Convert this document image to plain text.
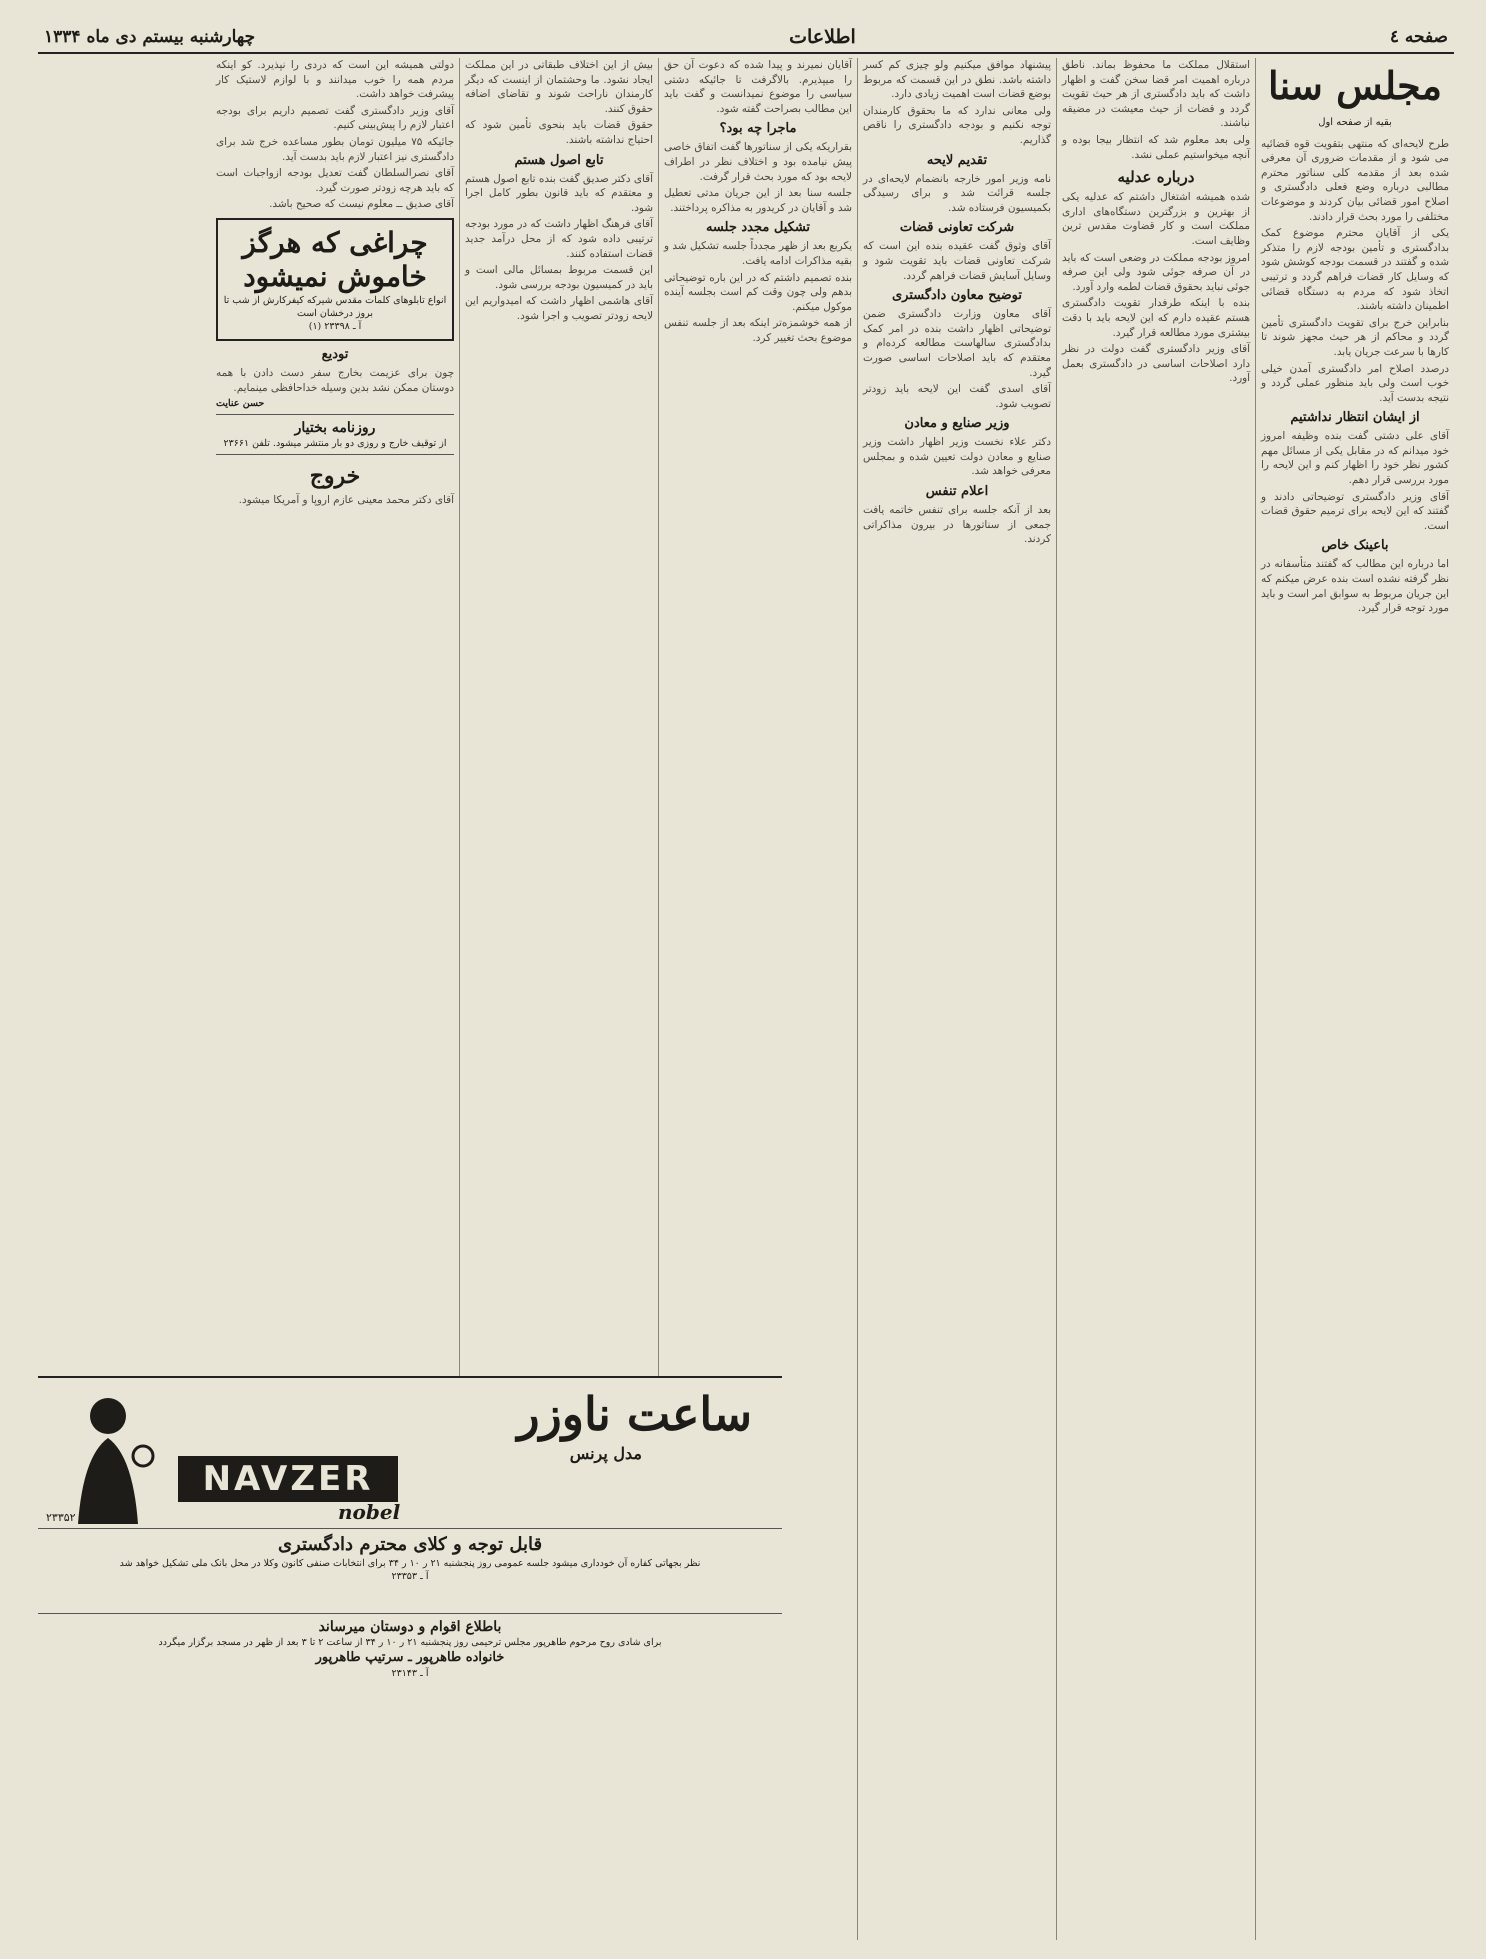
صفحه ٤
اطلاعات
چهارشنبه بیستم دی ماه ۱۳۳۴
مجلس سنا
بقیه از صفحه اول

طرح لایحه‌ای که منتهی بتقویت قوه قضائیه می شود و از مقدمات ضروری آن معرفی شده بعد از مقدمه کلی سناتور محترم مطالبی درباره وضع فعلی دادگستری و اصلاح امور قضائی بیان کردند و موضوعات مختلفی را مورد بحث قرار دادند.

یکی از آقایان محترم موضوع کمک بدادگستری و تأمین بودجه لازم را متذکر شده و گفتند در قسمت بودجه کوشش شود که وسایل کار قضات فراهم گردد و ترتیبی اتخاذ شود که مردم به دستگاه قضائی اطمینان داشته باشند.

بنابراین خرج برای تقویت دادگستری تأمین گردد و محاکم از هر حیث مجهز شوند تا کارها با سرعت جریان یابد.

درصدد اصلاح امر دادگستری آمدن خیلی خوب است ولی باید منظور عملی گردد و نتیجه بدست آید.

از ایشان انتظار نداشتیم

آقای علی دشتی گفت بنده وظیفه امروز خود میدانم که در مقابل یکی از مسائل مهم کشور نظر خود را اظهار کنم و این لایحه را مورد بررسی قرار دهم.

آقای وزیر دادگستری توضیحاتی دادند و گفتند که این لایحه برای ترمیم حقوق قضات است.

باعینک خاص

اما درباره این مطالب که گفتند متأسفانه در نظر گرفته نشده است بنده عرض میکنم که این جریان مربوط به سوابق امر است و باید مورد توجه قرار گیرد.

استقلال مملکت ما محفوظ بماند. ناطق درباره اهمیت امر قضا سخن گفت و اظهار داشت که باید دادگستری از هر حیث تقویت گردد و قضات از حیث معیشت در مضیقه نباشند.

ولی بعد معلوم شد که انتظار بیجا بوده و آنچه میخواستیم عملی نشد.

درباره عدلیه

شده همیشه اشتغال داشتم که عدلیه یکی از بهترین و بزرگترین دستگاه‌های اداری مملکت است و کار قضاوت مقدس ترین وظایف است.

امروز بودجه مملکت در وضعی است که باید در آن صرفه جوئی شود ولی این صرفه جوئی نباید بحقوق قضات لطمه وارد آورد.

بنده با اینکه طرفدار تقویت دادگستری هستم عقیده دارم که این لایحه باید با دقت بیشتری مورد مطالعه قرار گیرد.

آقای وزیر دادگستری گفت دولت در نظر دارد اصلاحات اساسی در دادگستری بعمل آورد.

پیشنهاد موافق میکنیم ولو چیزی کم کسر داشته باشد. نطق در این قسمت که مربوط بوضع قضات است اهمیت زیادی دارد.

ولی معانی ندارد که ما بحقوق کارمندان توجه نکنیم و بودجه دادگستری را ناقص گذاریم.

تقدیم لایحه

نامه وزیر امور خارجه بانضمام لایحه‌ای در جلسه قرائت شد و برای رسیدگی بکمیسیون فرستاده شد.

شرکت تعاونی قضات

آقای وثوق گفت عقیده بنده این است که شرکت تعاونی قضات باید تقویت شود و وسایل آسایش قضات فراهم گردد.

توضیح معاون دادگستری

آقای معاون وزارت دادگستری ضمن توضیحاتی اظهار داشت بنده در امر کمک بدادگستری سالهاست مطالعه کرده‌ام و معتقدم که باید اصلاحات اساسی صورت گیرد.

آقای اسدی گفت این لایحه باید زودتر تصویب شود.

وزیر صنایع و معادن

دکتر علاء نخست وزیر اظهار داشت وزیر صنایع و معادن دولت تعیین شده و بمجلس معرفی خواهد شد.

اعلام تنفس

بعد از آنکه جلسه برای تنفس خاتمه یافت جمعی از سناتورها در بیرون مذاکراتی کردند.

آقایان نمیرند و پیدا شده که دعوت آن حق را میپذیرم. بالاگرفت تا جائیکه دشتی سیاسی را موضوع نمیدانست و گفت باید این مطالب بصراحت گفته شود.

ماجرا چه بود؟

بقراریکه یکی از سناتورها گفت اتفاق خاصی پیش نیامده بود و اختلاف نظر در اطراف لایحه بود که مورد بحث قرار گرفت.

جلسه سنا بعد از این جریان مدتی تعطیل شد و آقایان در کریدور به مذاکره پرداختند.

تشکیل مجدد جلسه

یکربع بعد از ظهر مجدداً جلسه تشکیل شد و بقیه مذاکرات ادامه یافت.

بنده تصمیم داشتم که در این باره توضیحاتی بدهم ولی چون وقت کم است بجلسه آینده موکول میکنم.

از همه خوشمزه‌تر اینکه بعد از جلسه تنفس موضوع بحث تغییر کرد.

بیش از این اختلاف طبقاتی در این مملکت ایجاد نشود. ما وحشتمان از اینست که دیگر کارمندان ناراحت شوند و تقاضای اضافه حقوق کنند.

حقوق قضات باید بنحوی تأمین شود که احتیاج نداشته باشند.

تابع اصول هستم

آقای دکتر صدیق گفت بنده تابع اصول هستم و معتقدم که باید قانون بطور کامل اجرا شود.

آقای فرهنگ اظهار داشت که در مورد بودجه ترتیبی داده شود که از محل درآمد جدید قضات استفاده کنند.

این قسمت مربوط بمسائل مالی است و باید در کمیسیون بودجه بررسی شود.

آقای هاشمی اظهار داشت که امیدواریم این لایحه زودتر تصویب و اجرا شود.

دولتی همیشه این است که دردی را نپذیرد. کو اینکه مردم همه را خوب میدانند و با لوازم لاستیک کار پیشرفت خواهد داشت.

آقای وزیر دادگستری گفت تصمیم داریم برای بودجه اعتبار لازم را پیش‌بینی کنیم.

جائیکه ۷۵ میلیون تومان بطور مساعده خرج شد برای دادگستری نیز اعتبار لازم باید بدست آید.

آقای نصرالسلطان گفت تعدیل بودجه ازواجبات است که باید هرچه زودتر صورت گیرد.

آقای صدیق ــ معلوم نیست که صحیح باشد.

چراغی که هرگز خاموش نمیشود
انواع تابلوهای کلمات مقدس شیرکه کیفرکارش از شب تا بروز درخشان است
آ ـ ۲۳۳۹۸ (۱)
تودیع

چون برای عزیمت بخارج سفر دست دادن با همه دوستان ممکن نشد بدین وسیله خداحافظی مینمایم.

حسن عنایت
روزنامه بختیار
از توقیف خارج و روزی دو بار منتشر میشود. تلفن ۲۳۶۶۱
خروج

آقای دکتر محمد معینی عازم اروپا و آمریکا میشود.

ساعت ناوزر
مدل پرنس
NAVZER
nobel
آ ـ ۲۳۳۵۲
قابل توجه و کلای محترم دادگستری
نظر بجهاتی کفاره آن خودداری میشود جلسه عمومی روز پنجشنبه ۲۱ ر ۱۰ ر ۳۴ برای انتخابات صنفی کانون وکلا در محل بانک ملی تشکیل خواهد شد
آ ـ ۲۳۳۵۳
باطلاع اقوام و دوستان میرساند
برای شادی روح مرحوم طاهرپور مجلس ترحیمی روز پنجشنبه ۲۱ ر ۱۰ ر ۳۴ از ساعت ۲ تا ۳ بعد از ظهر در مسجد برگزار میگردد
خانواده طاهرپور ـ سرتیپ طاهرپور
آ ـ ۲۳۱۴۳
